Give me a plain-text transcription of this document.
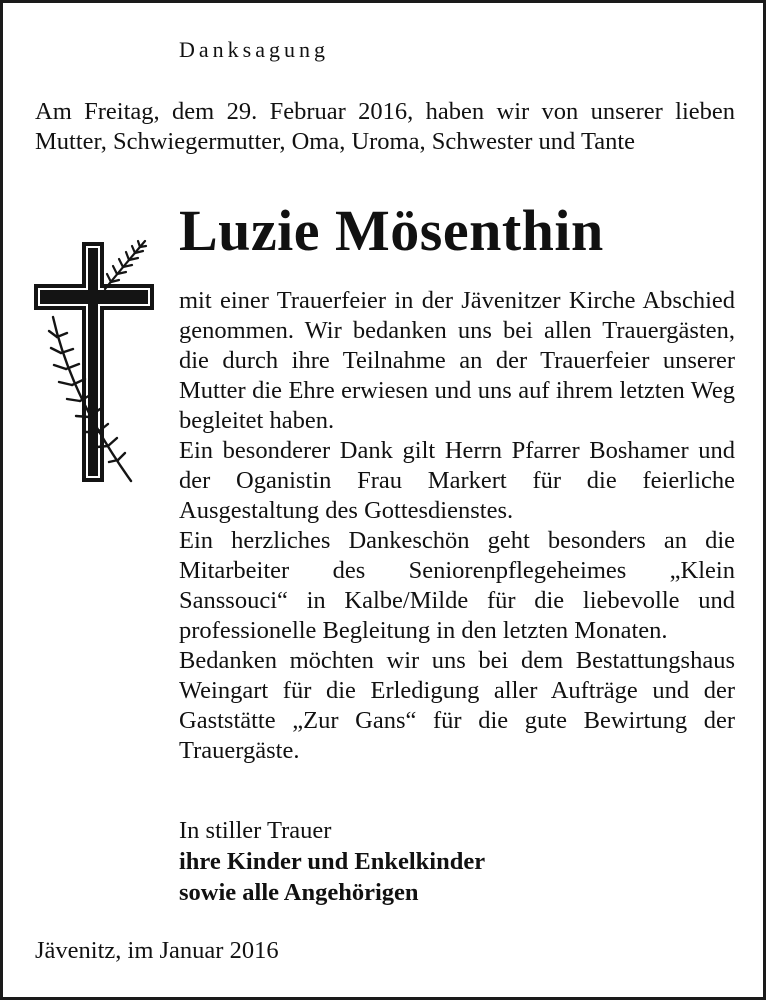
Danksagung

Am Freitag, dem 29. Februar 2016, haben wir von unserer lieben Mutter, Schwiegermutter, Oma, Uroma, Schwester und Tante

Luzie Mösenthin

mit einer Trauerfeier in der Jävenitzer Kirche Abschied genommen. Wir bedanken uns bei allen Trauergästen, die durch ihre Teilnahme an der Trauerfeier unserer Mutter die Ehre erwiesen und uns auf ihrem letzten Weg begleitet haben.

Ein besonderer Dank gilt Herrn Pfarrer Boshamer und der Oganistin Frau Markert für die feierliche Ausgestaltung des Gottesdienstes.

Ein herzliches Dankeschön geht besonders an die Mitarbeiter des Seniorenpflegeheimes „Klein Sanssouci“ in Kalbe/Milde für die liebevolle und professionelle Begleitung in den letzten Monaten.

Bedanken möchten wir uns bei dem Bestattungshaus Weingart für die Erledigung aller Aufträge und der Gaststätte „Zur Gans“ für die gute Bewirtung der Trauergäste.

In stiller Trauer
ihre Kinder und Enkelkinder
sowie alle Angehörigen
Jävenitz, im Januar 2016
